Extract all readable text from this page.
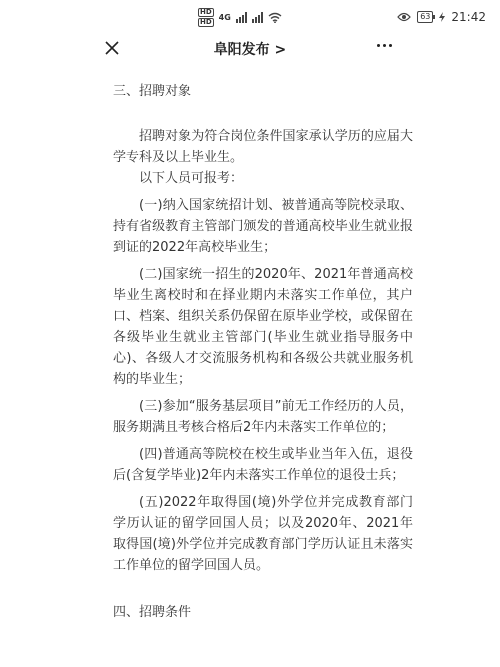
HD
HD 4G	63 21:42
阜阳发布 >

三、招聘对象

招聘对象为符合岗位条件国家承认学历的应届大学专科及以上毕业生。

以下人员可报考：

(一)纳入国家统招计划、被普通高等院校录取、持有省级教育主管部门颁发的普通高校毕业生就业报到证的2022年高校毕业生；

(二)国家统一招生的2020年、2021年普通高校毕业生离校时和在择业期内未落实工作单位，其户口、档案、组织关系仍保留在原毕业学校，或保留在各级毕业生就业主管部门(毕业生就业指导服务中心)、各级人才交流服务机构和各级公共就业服务机构的毕业生；

(三)参加“服务基层项目”前无工作经历的人员，服务期满且考核合格后2年内未落实工作单位的；

(四)普通高等院校在校生或毕业当年入伍，退役后(含复学毕业)2年内未落实工作单位的退役士兵；

(五)2022年取得国(境)外学位并完成教育部门学历认证的留学回国人员；以及2020年、2021年取得国(境)外学位并完成教育部门学历认证且未落实工作单位的留学回国人员。

四、招聘条件
